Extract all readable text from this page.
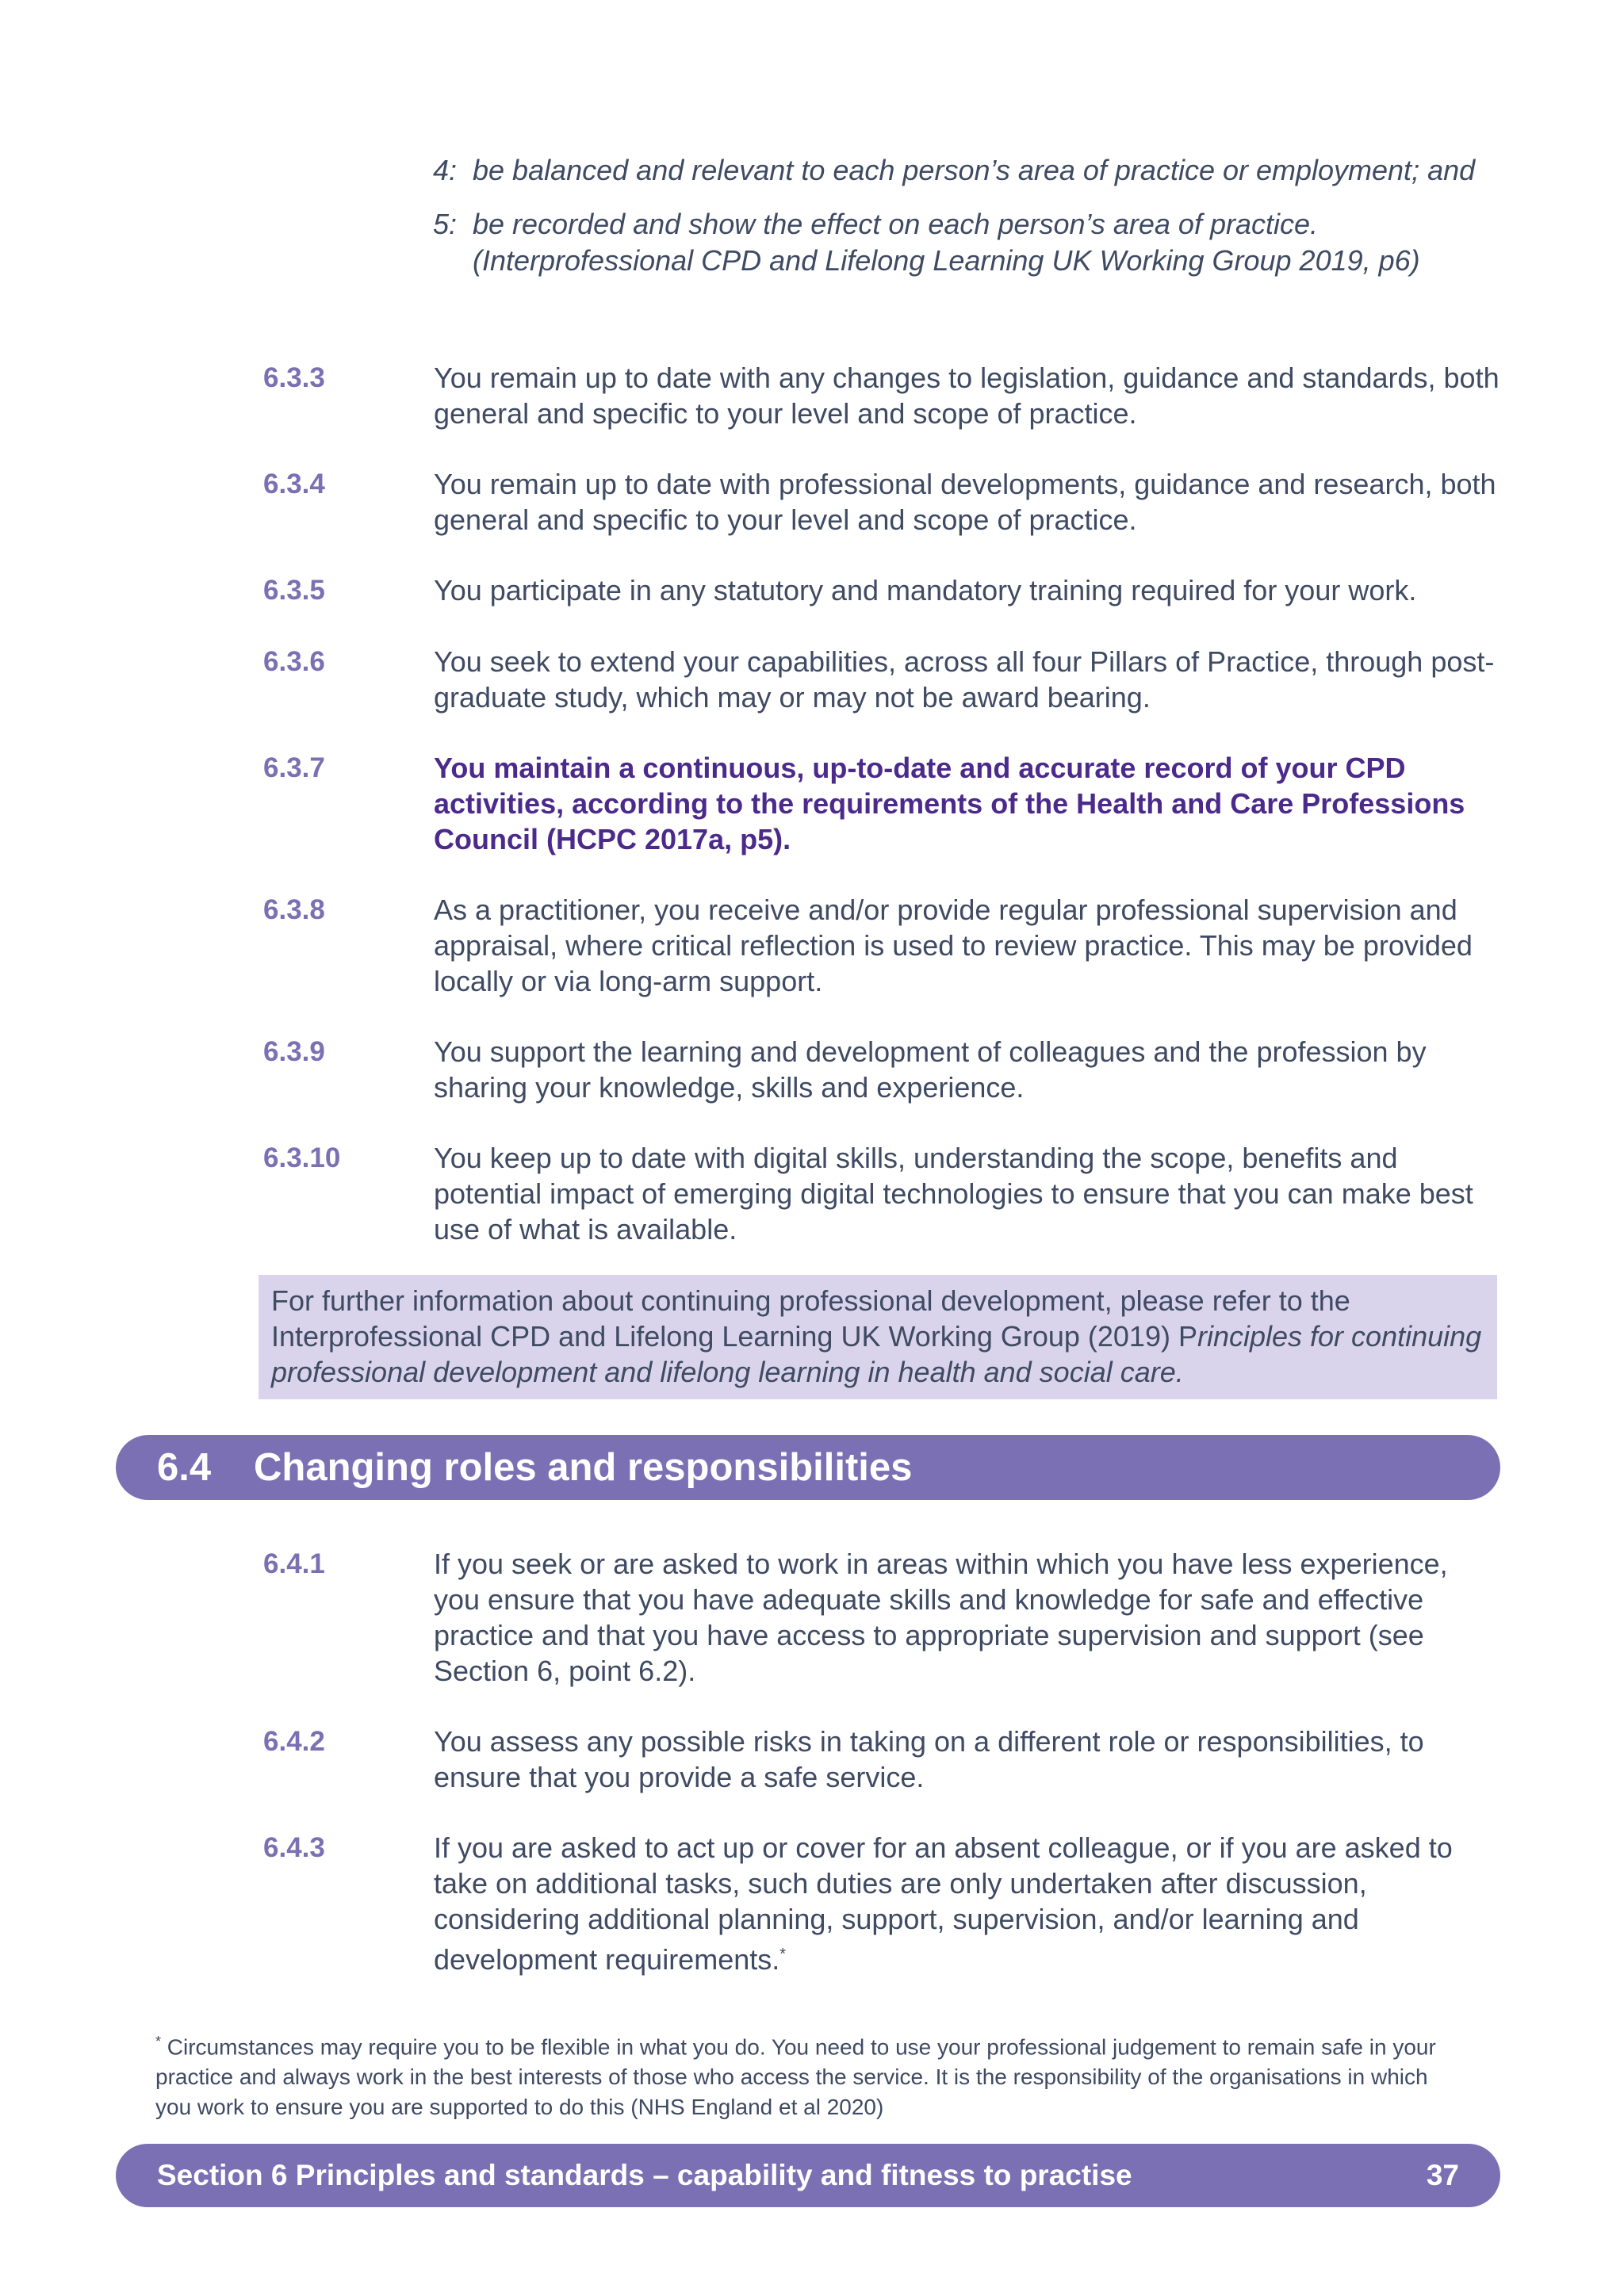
4: be balanced and relevant to each person’s area of practice or employment; and
5: be recorded and show the effect on each person’s area of practice.
(Interprofessional CPD and Lifelong Learning UK Working Group 2019, p6)
6.3.3	You remain up to date with any changes to legislation, guidance and standards, both general and specific to your level and scope of practice.
6.3.4	You remain up to date with professional developments, guidance and research, both general and specific to your level and scope of practice.
6.3.5	You participate in any statutory and mandatory training required for your work.
6.3.6	You seek to extend your capabilities, across all four Pillars of Practice, through post-graduate study, which may or may not be award bearing.
6.3.7	You maintain a continuous, up-to-date and accurate record of your CPD activities, according to the requirements of the Health and Care Professions Council (HCPC 2017a, p5).
6.3.8	As a practitioner, you receive and/or provide regular professional supervision and appraisal, where critical reflection is used to review practice. This may be provided locally or via long-arm support.
6.3.9	You support the learning and development of colleagues and the profession by sharing your knowledge, skills and experience.
6.3.10	You keep up to date with digital skills, understanding the scope, benefits and potential impact of emerging digital technologies to ensure that you can make best use of what is available.
For further information about continuing professional development, please refer to the Interprofessional CPD and Lifelong Learning UK Working Group (2019) Principles for continuing professional development and lifelong learning in health and social care.
6.4	Changing roles and responsibilities
6.4.1	If you seek or are asked to work in areas within which you have less experience, you ensure that you have adequate skills and knowledge for safe and effective practice and that you have access to appropriate supervision and support (see Section 6, point 6.2).
6.4.2	You assess any possible risks in taking on a different role or responsibilities, to ensure that you provide a safe service.
6.4.3	If you are asked to act up or cover for an absent colleague, or if you are asked to take on additional tasks, such duties are only undertaken after discussion, considering additional planning, support, supervision, and/or learning and development requirements.*
* Circumstances may require you to be flexible in what you do. You need to use your professional judgement to remain safe in your practice and always work in the best interests of those who access the service. It is the responsibility of the organisations in which you work to ensure you are supported to do this (NHS England et al 2020)
Section 6 Principles and standards – capability and fitness to practise	37
